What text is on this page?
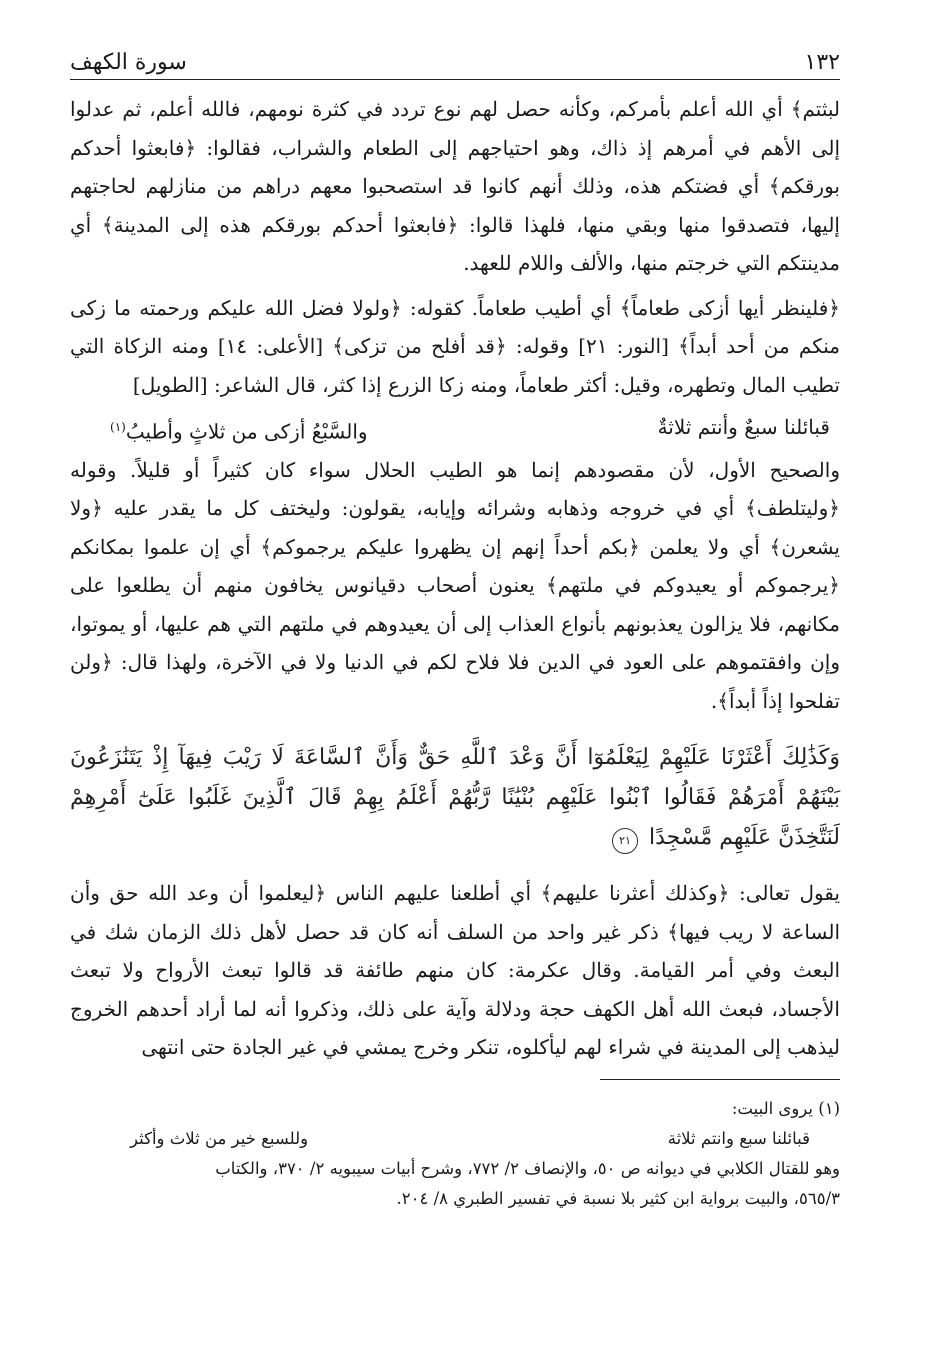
١٣٢
سورة الكهف

لبثتم﴾ أي الله أعلم بأمركم، وكأنه حصل لهم نوع تردد في كثرة نومهم، فالله أعلم، ثم عدلوا إلى الأهم في أمرهم إذ ذاك، وهو احتياجهم إلى الطعام والشراب، فقالوا: ﴿فابعثوا أحدكم بورقكم﴾ أي فضتكم هذه، وذلك أنهم كانوا قد استصحبوا معهم دراهم من منازلهم لحاجتهم إليها، فتصدقوا منها وبقي منها، فلهذا قالوا: ﴿فابعثوا أحدكم بورقكم هذه إلى المدينة﴾ أي مدينتكم التي خرجتم منها، والألف واللام للعهد.

﴿فلينظر أيها أزكى طعاماً﴾ أي أطيب طعاماً. كقوله: ﴿ولولا فضل الله عليكم ورحمته ما زكى منكم من أحد أبداً﴾ [النور: ٢١] وقوله: ﴿قد أفلح من تزكى﴾ [الأعلى: ١٤] ومنه الزكاة التي تطيب المال وتطهره، وقيل: أكثر طعاماً، ومنه زكا الزرع إذا كثر، قال الشاعر: [الطويل]

قبائلنا سبعٌ وأنتم ثلاثةٌ
والسَّبْعُ أزكى من ثلاثٍ وأطيبُ$^{(١)}$

والصحيح الأول، لأن مقصودهم إنما هو الطيب الحلال سواء كان كثيراً أو قليلاً. وقوله ﴿وليتلطف﴾ أي في خروجه وذهابه وشرائه وإيابه، يقولون: وليختف كل ما يقدر عليه ﴿ولا يشعرن﴾ أي ولا يعلمن ﴿بكم أحداً إنهم إن يظهروا عليكم يرجموكم﴾ أي إن علموا بمكانكم ﴿يرجموكم أو يعيدوكم في ملتهم﴾ يعنون أصحاب دقيانوس يخافون منهم أن يطلعوا على مكانهم، فلا يزالون يعذبونهم بأنواع العذاب إلى أن يعيدوهم في ملتهم التي هم عليها، أو يموتوا، وإن وافقتموهم على العود في الدين فلا فلاح لكم في الدنيا ولا في الآخرة، ولهذا قال: ﴿ولن تفلحوا إذاً أبداً﴾.

وَكَذَٰلِكَ أَعْثَرْنَا عَلَيْهِمْ لِيَعْلَمُوٓا أَنَّ وَعْدَ ٱللَّهِ حَقٌّ وَأَنَّ ٱلسَّاعَةَ لَا رَيْبَ فِيهَآ إِذْ يَتَنَٰزَعُونَ بَيْنَهُمْ أَمْرَهُمْ فَقَالُوا ٱبْنُوا عَلَيْهِم بُنْيَٰنًا رَّبُّهُمْ أَعْلَمُ بِهِمْ قَالَ ٱلَّذِينَ غَلَبُوا عَلَىٰٓ أَمْرِهِمْ لَنَتَّخِذَنَّ عَلَيْهِم مَّسْجِدًا ٢١

يقول تعالى: ﴿وكذلك أعثرنا عليهم﴾ أي أطلعنا عليهم الناس ﴿ليعلموا أن وعد الله حق وأن الساعة لا ريب فيها﴾ ذكر غير واحد من السلف أنه كان قد حصل لأهل ذلك الزمان شك في البعث وفي أمر القيامة. وقال عكرمة: كان منهم طائفة قد قالوا تبعث الأرواح ولا تبعث الأجساد، فبعث الله أهل الكهف حجة ودلالة وآية على ذلك، وذكروا أنه لما أراد أحدهم الخروج ليذهب إلى المدينة في شراء لهم ليأكلوه، تنكر وخرج يمشي في غير الجادة حتى انتهى

(١) يروى البيت:
قبائلنا سبع وانتم ثلاثة
وللسبع خير من ثلاث وأكثر
وهو للقتال الكلابي في ديوانه ص ٥٠، والإنصاف ٢/ ٧٧٢، وشرح أبيات سيبويه ٢/ ٣٧٠، والكتاب
٥٦٥/٣، والبيت برواية ابن كثير بلا نسبة في تفسير الطبري ٨/ ٢٠٤.
